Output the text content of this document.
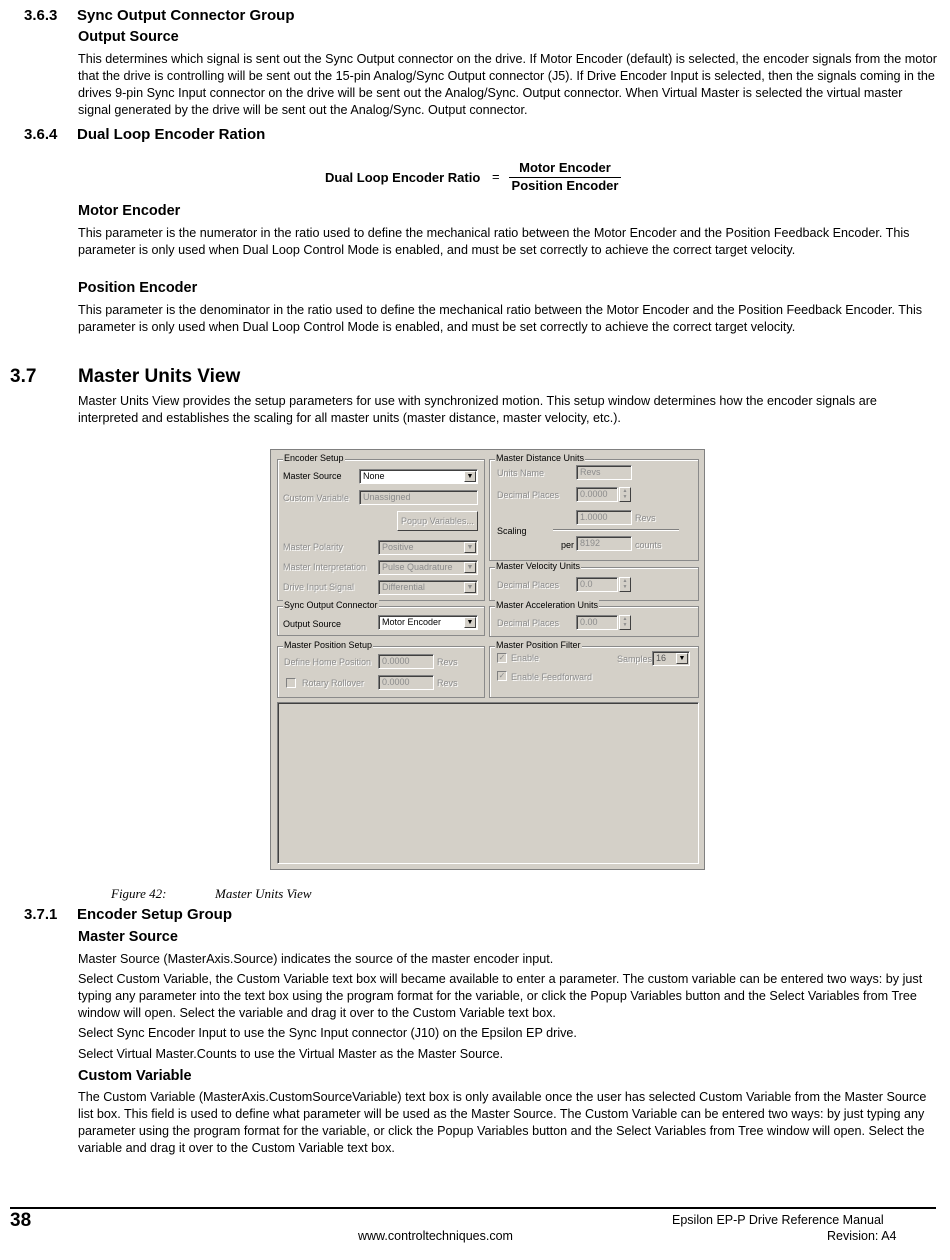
3.6.3 Sync Output Connector Group
Output Source

This determines which signal is sent out the Sync Output connector on the drive. If Motor Encoder (default) is selected, the encoder signals from the motor that the drive is controlling will be sent out the 15-pin Analog/Sync Output connector (J5). If Drive Encoder Input is selected, then the signals coming in the drives 9-pin Sync Input connector on the drive will be sent out the Analog/Sync. Output connector. When Virtual Master is selected the virtual master signal generated by the drive will be sent out the Analog/Sync. Output connector.

3.6.4 Dual Loop Encoder Ration
Dual Loop Encoder Ratio =
Motor Encoder
Position Encoder
Motor Encoder

This parameter is the numerator in the ratio used to define the mechanical ratio between the Motor Encoder and the Position Feedback Encoder. This parameter is only used when Dual Loop Control Mode is enabled, and must be set correctly to achieve the correct target velocity.

Position Encoder

This parameter is the denominator in the ratio used to define the mechanical ratio between the Motor Encoder and the Position Feedback Encoder. This parameter is only used when Dual Loop Control Mode is enabled, and must be set correctly to achieve the correct target velocity.

3.7 Master Units View

Master Units View provides the setup parameters for use with synchronized motion. This setup window determines how the encoder signals are interpreted and establishes the scaling for all master units (master distance, master velocity, etc.).

Encoder Setup
Master Source	None	▼
Custom Variable	Unassigned
Popup Variables...
Master Polarity	Positive	▼
Master Interpretation	Pulse Quadrature	▼
Drive Input Signal	Differential	▼
Sync Output Connector
Output Source	Motor Encoder	▼
Master Position Setup
Define Home Position	0.0000	Revs
Rotary Rollover	0.0000	Revs
Master Distance Units
Units Name	Revs
Decimal Places	0.0000	▲
▼
1.0000	Revs
Scaling
per 8192	counts
Master Velocity Units
Decimal Places	0.0	▲
▼
Master Acceleration Units
Decimal Places	0.00	▲
▼
Master Position Filter
✓ Enable	Samples 16	▼
✓ Enable Feedforward
Figure 42:	Master Units View
3.7.1 Encoder Setup Group
Master Source

Master Source (MasterAxis.Source) indicates the source of the master encoder input.

Select Custom Variable, the Custom Variable text box will became available to enter a parameter. The custom variable can be entered two ways: by just typing any parameter into the text box using the program format for the variable, or click the Popup Variables button and the Select Variables from Tree window will open. Select the variable and drag it over to the Custom Variable text box.

Select Sync Encoder Input to use the Sync Input connector (J10) on the Epsilon EP drive.

Select Virtual Master.Counts to use the Virtual Master as the Master Source.

Custom Variable

The Custom Variable (MasterAxis.CustomSourceVariable) text box is only available once the user has selected Custom Variable from the Master Source list box. This field is used to define what parameter will be used as the Master Source. The Custom Variable can be entered two ways: by just typing any parameter using the program format for the variable, or click the Popup Variables button and the Select Variables from Tree window will open. Select the variable and drag it over to the Custom Variable text box.

38	Epsilon EP-P Drive Reference Manual
www.controltechniques.com	Revision: A4
